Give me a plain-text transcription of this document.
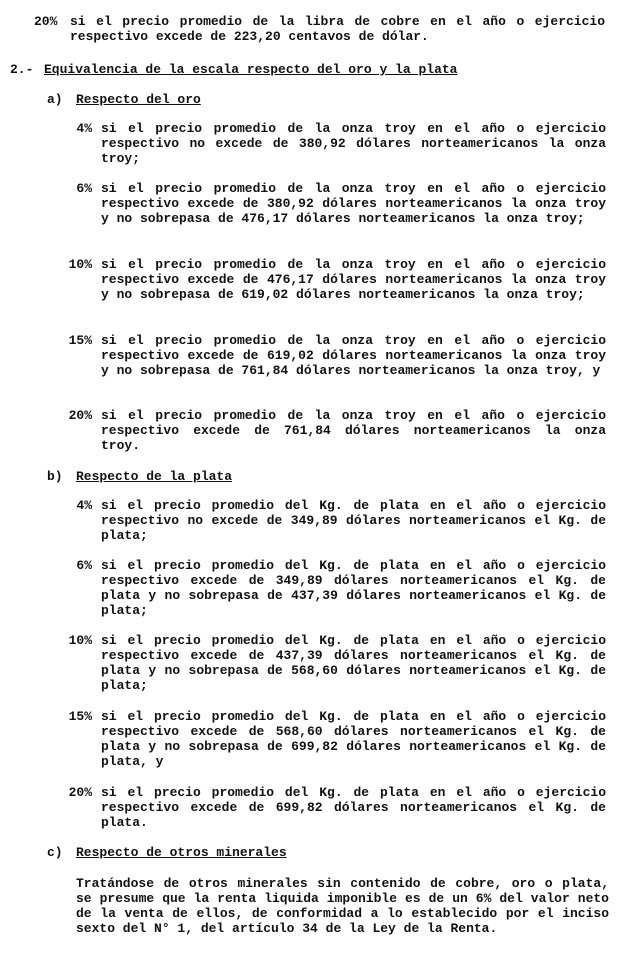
20% si el precio promedio de la libra de cobre en el año o ejercicio respectivo excede de 223,20 centavos de dólar.
2.- Equivalencia de la escala respecto del oro y la plata
a) Respecto del oro
4% si el precio promedio de la onza troy en el año o ejercicio respectivo no excede de 380,92 dólares norteamericanos la onza troy;
6% si el precio promedio de la onza troy en el año o ejercicio respectivo excede de 380,92 dólares norteamericanos la onza troy y no sobrepasa de 476,17 dólares norteamericanos la onza troy;
10% si el precio promedio de la onza troy en el año o ejercicio respectivo excede de 476,17 dólares norteamericanos la onza troy y no sobrepasa de 619,02 dólares norteamericanos la onza troy;
15% si el precio promedio de la onza troy en el año o ejercicio respectivo excede de 619,02 dólares norteamericanos la onza troy y no sobrepasa de 761,84 dólares norteamericanos la onza troy, y
20% si el precio promedio de la onza troy en el año o ejercicio respectivo excede de 761,84 dólares norteamericanos la onza troy.
b) Respecto de la plata
4% si el precio promedio del Kg. de plata en el año o ejercicio respectivo no excede de 349,89 dólares norteamericanos el Kg. de plata;
6% si el precio promedio del Kg. de plata en el año o ejercicio respectivo excede de 349,89 dólares norteamericanos el Kg. de plata y no sobrepasa de 437,39 dólares norteamericanos el Kg. de plata;
10% si el precio promedio del Kg. de plata en el año o ejercicio respectivo excede de 437,39 dólares norteamericanos el Kg. de plata y no sobrepasa de 568,60 dólares norteamericanos el Kg. de plata;
15% si el precio promedio del Kg. de plata en el año o ejercicio respectivo excede de 568,60 dólares norteamericanos el Kg. de plata y no sobrepasa de 699,82 dólares norteamericanos el Kg. de plata, y
20% si el precio promedio del Kg. de plata en el año o ejercicio respectivo excede de 699,82 dólares norteamericanos el Kg. de plata.
c) Respecto de otros minerales
Tratándose de otros minerales sin contenido de cobre, oro o plata, se presume que la renta liquida imponible es de un 6% del valor neto de la venta de ellos, de conformidad a lo establecido por el inciso sexto del N° 1, del artículo 34 de la Ley de la Renta.
